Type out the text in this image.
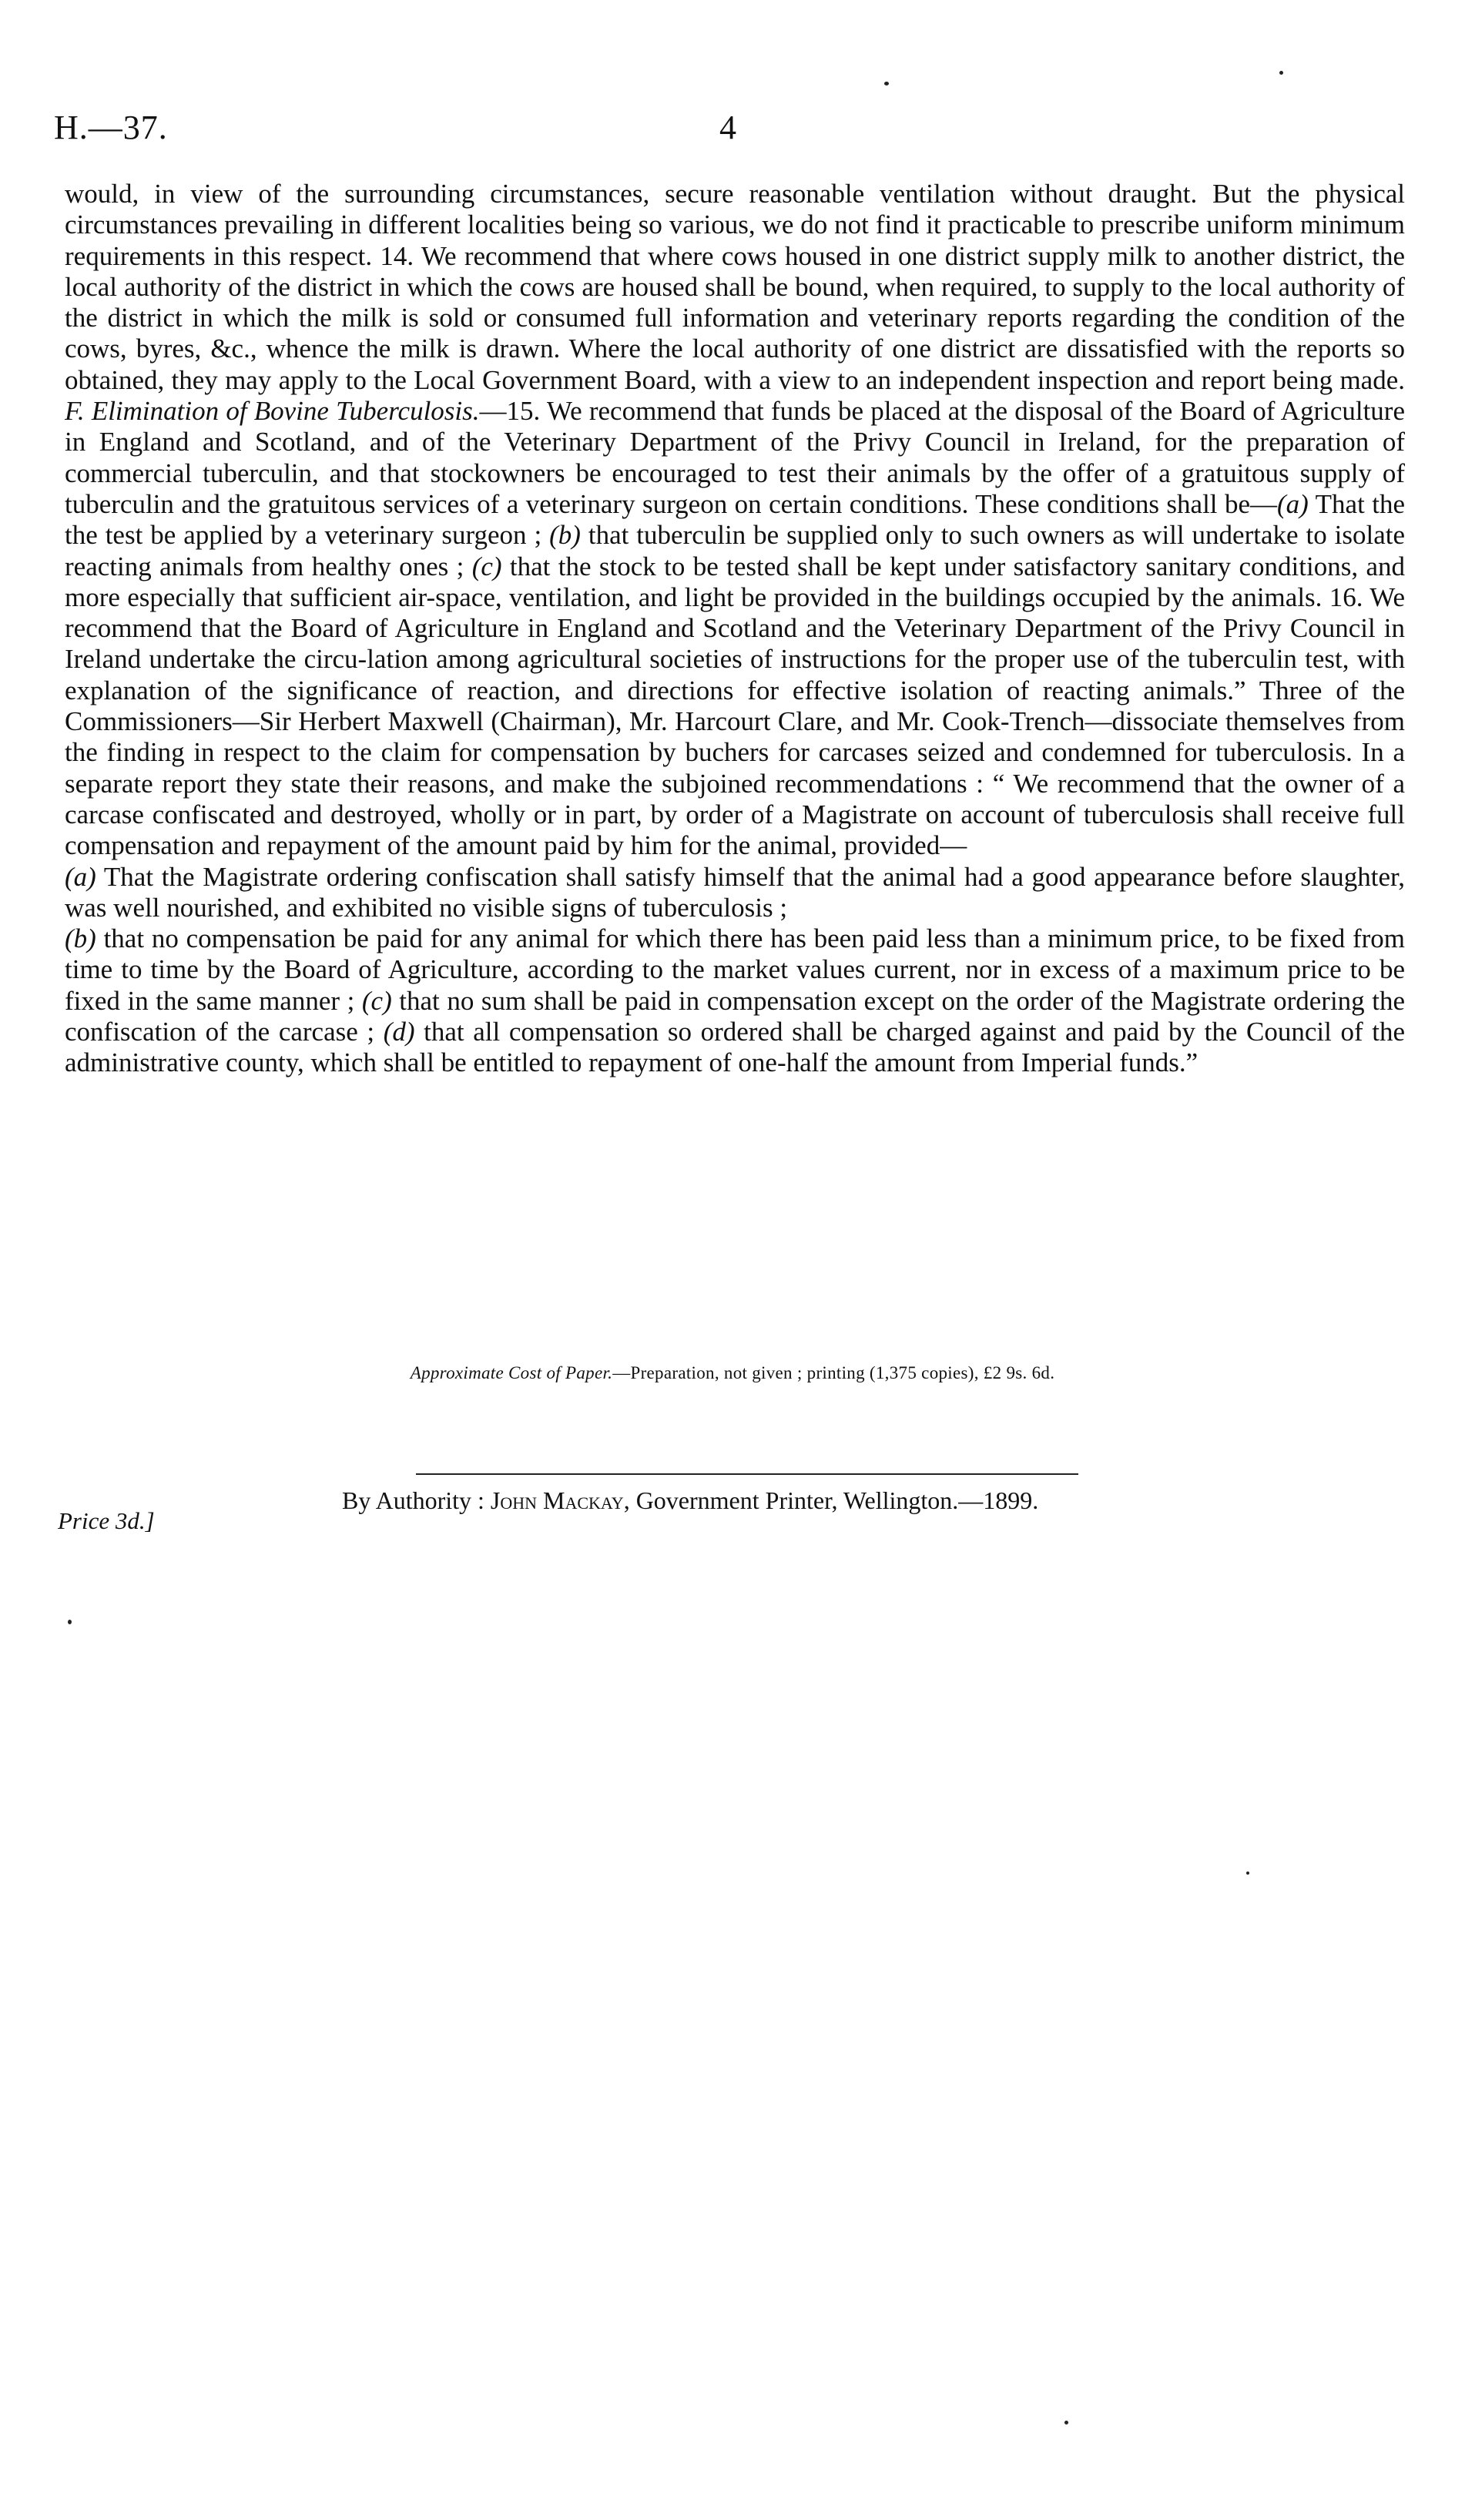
H.—37.	4

would, in view of the surrounding circumstances, secure reasonable ventilation without draught. But the physical circumstances prevailing in different localities being so various, we do not find it practicable to prescribe uniform minimum requirements in this respect. 14. We recommend that where cows housed in one district supply milk to another district, the local authority of the district in which the cows are housed shall be bound, when required, to supply to the local authority of the district in which the milk is sold or consumed full information and veterinary reports regarding the condition of the cows, byres, &c., whence the milk is drawn. Where the local authority of one district are dissatisfied with the reports so obtained, they may apply to the Local Government Board, with a view to an independent inspection and report being made. F. Elimination of Bovine Tuberculosis.—15. We recommend that funds be placed at the disposal of the Board of Agriculture in England and Scotland, and of the Veterinary Department of the Privy Council in Ireland, for the preparation of commercial tuberculin, and that stockowners be encouraged to test their animals by the offer of a gratuitous supply of tuberculin and the gratuitous services of a veterinary surgeon on certain conditions. These conditions shall be—(a) That the the test be applied by a veterinary surgeon ; (b) that tuberculin be supplied only to such owners as will undertake to isolate reacting animals from healthy ones ; (c) that the stock to be tested shall be kept under satisfactory sanitary conditions, and more especially that sufficient air-space, ventilation, and light be provided in the buildings occupied by the animals. 16. We recommend that the Board of Agriculture in England and Scotland and the Veterinary Department of the Privy Council in Ireland undertake the circu-lation among agricultural societies of instructions for the proper use of the tuberculin test, with explanation of the significance of reaction, and directions for effective isolation of reacting animals.” Three of the Commissioners—Sir Herbert Maxwell (Chairman), Mr. Harcourt Clare, and Mr. Cook-Trench—dissociate themselves from the finding in respect to the claim for compensation by buchers for carcases seized and condemned for tuberculosis. In a separate report they state their reasons, and make the subjoined recommendations : “ We recommend that the owner of a carcase confiscated and destroyed, wholly or in part, by order of a Magistrate on account of tuberculosis shall receive full compensation and repayment of the amount paid by him for the animal, provided—
(a) That the Magistrate ordering confiscation shall satisfy himself that the animal had a good appearance before slaughter, was well nourished, and exhibited no visible signs of tuberculosis ;
(b) that no compensation be paid for any animal for which there has been paid less than a minimum price, to be fixed from time to time by the Board of Agriculture, according to the market values current, nor in excess of a maximum price to be fixed in the same manner ; (c) that no sum shall be paid in compensation except on the order of the Magistrate ordering the confiscation of the carcase ; (d) that all compensation so ordered shall be charged against and paid by the Council of the administrative county, which shall be entitled to repayment of one-half the amount from Imperial funds.”

Approximate Cost of Paper.—Preparation, not given ; printing (1,375 copies), £2 9s. 6d.
By Authority : John Mackay, Government Printer, Wellington.—1899.
Price 3d.]
